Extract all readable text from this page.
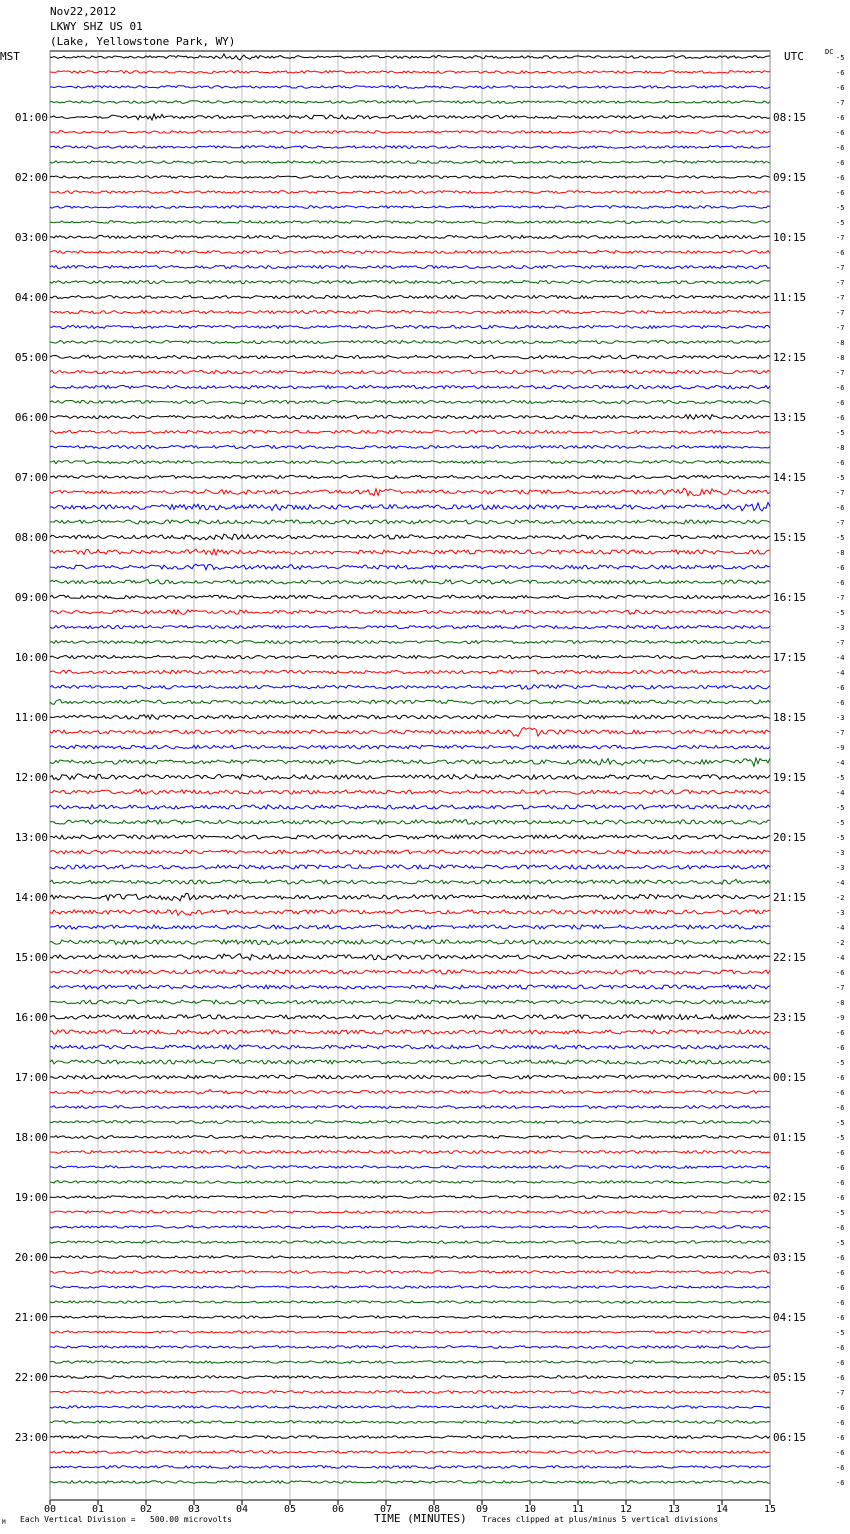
Nov22,2012
LKWY SHZ US 01
(Lake, Yellowstone Park, WY)
MST	UTC	DC
00	01	02	03	04	05	06	07	08	09	10	11	12	13	14	15
-5
-6
-6
-7
-6
-6
-6
-6
-6
-6
-5
-5
-7
-6
-7
-7
-7
-7
-7
-8
-8
-7
-6
-6
-6
-5
-8
-6
-5
-7
-6
-7
-5
-8
-6
-6
-7
-5
-3
-7
-4
-4
-6
-6
-3
-7
-9
-4
-5
-4
-5
-5
-5
-3
-3
-4
-2
-3
-4
-2
-4
-6
-7
-8
-9
-6
-6
-5
-6
-6
-6
-5
-5
-6
-6
-6
-6
-5
-6
-5
-6
-6
-6
-6
-6
-5
-6
-6
-6
-7
-6
-6
-6
-6
-6
-6
01:00
02:00
03:00
04:00
05:00
06:00
07:00
08:00
09:00
10:00
11:00
12:00
13:00
14:00
15:00
16:00
17:00
18:00
19:00
20:00
21:00
22:00
23:00
08:15
09:15
10:15
11:15
12:15
13:15
14:15
15:15
16:15
17:15
18:15
19:15
20:15
21:15
22:15
23:15
00:15
01:15
02:15
03:15
04:15
05:15
06:15
M Each Vertical Division =   500.00 microvolts	TIME (MINUTES) Traces clipped at plus/minus 5 vertical divisions
